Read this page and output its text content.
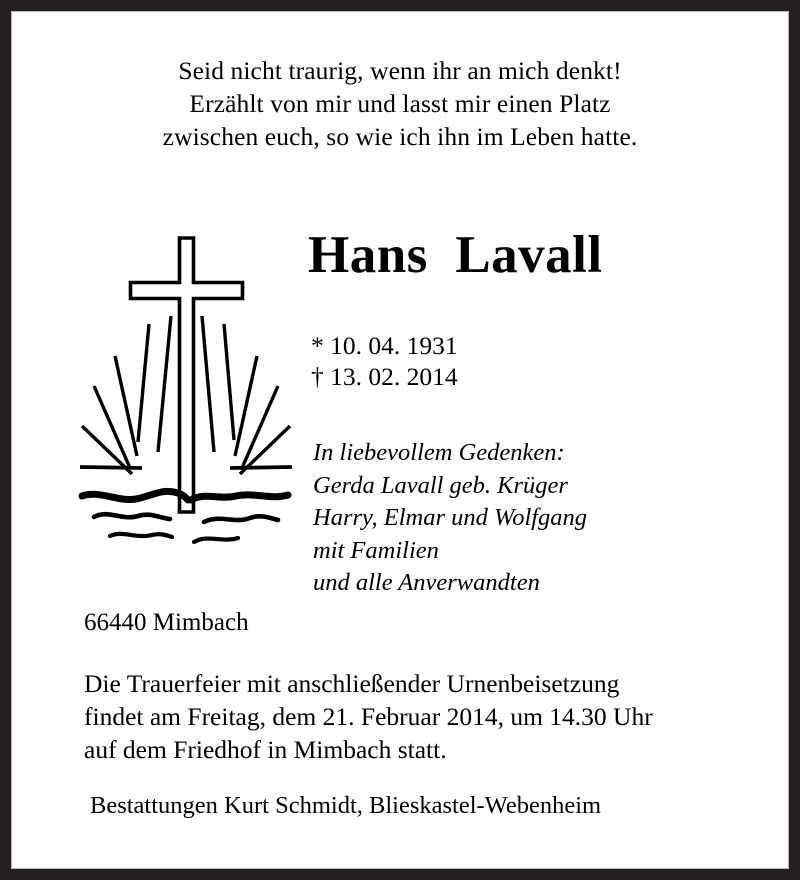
Seid nicht traurig, wenn ihr an mich denkt!
Erzählt von mir und lasst mir einen Platz
zwischen euch, so wie ich ihn im Leben hatte.
Hans  Lavall
* 10. 04. 1931
† 13. 02. 2014
In liebevollem Gedenken:
Gerda Lavall geb. Krüger
Harry, Elmar und Wolfgang
mit Familien
und alle Anverwandten
66440 Mimbach
Die Trauerfeier mit anschließender Urnenbeisetzung
findet am Freitag, dem 21. Februar 2014, um 14.30 Uhr
auf dem Friedhof in Mimbach statt.
Bestattungen Kurt Schmidt, Blieskastel-Webenheim
